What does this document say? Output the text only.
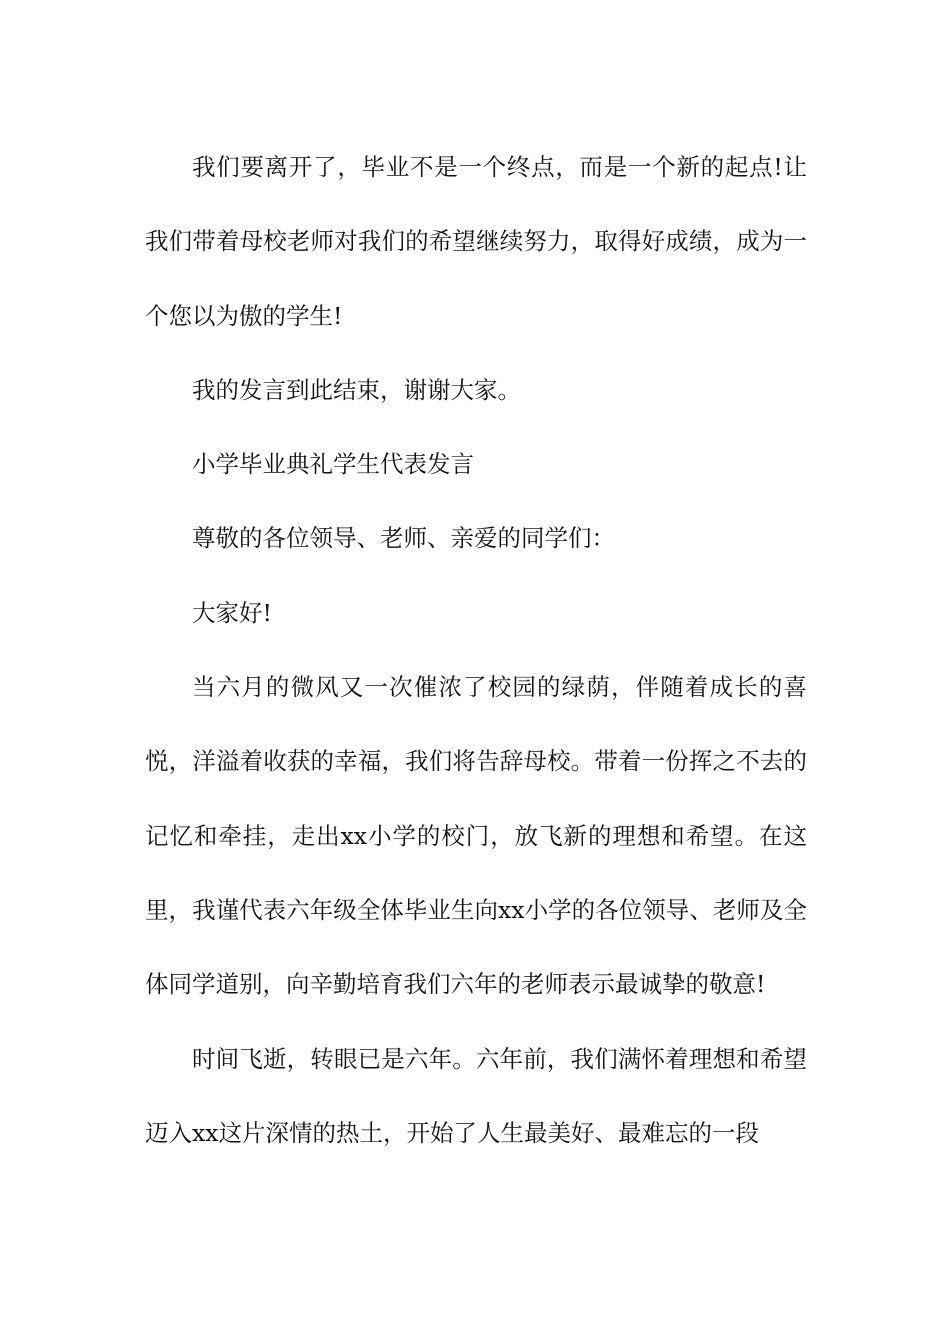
我们要离开了，毕业不是一个终点，而是一个新的起点!让我们带着母校老师对我们的希望继续努力，取得好成绩，成为一个您以为傲的学生!

我的发言到此结束，谢谢大家。

小学毕业典礼学生代表发言

尊敬的各位领导、老师、亲爱的同学们：

大家好!

当六月的微风又一次催浓了校园的绿荫，伴随着成长的喜悦，洋溢着收获的幸福，我们将告辞母校。带着一份挥之不去的记忆和牵挂，走出xx小学的校门，放飞新的理想和希望。在这里，我谨代表六年级全体毕业生向xx小学的各位领导、老师及全体同学道别，向辛勤培育我们六年的老师表示最诚挚的敬意!

时间飞逝，转眼已是六年。六年前，我们满怀着理想和希望迈入xx这片深情的热土，开始了人生最美好、最难忘的一段
